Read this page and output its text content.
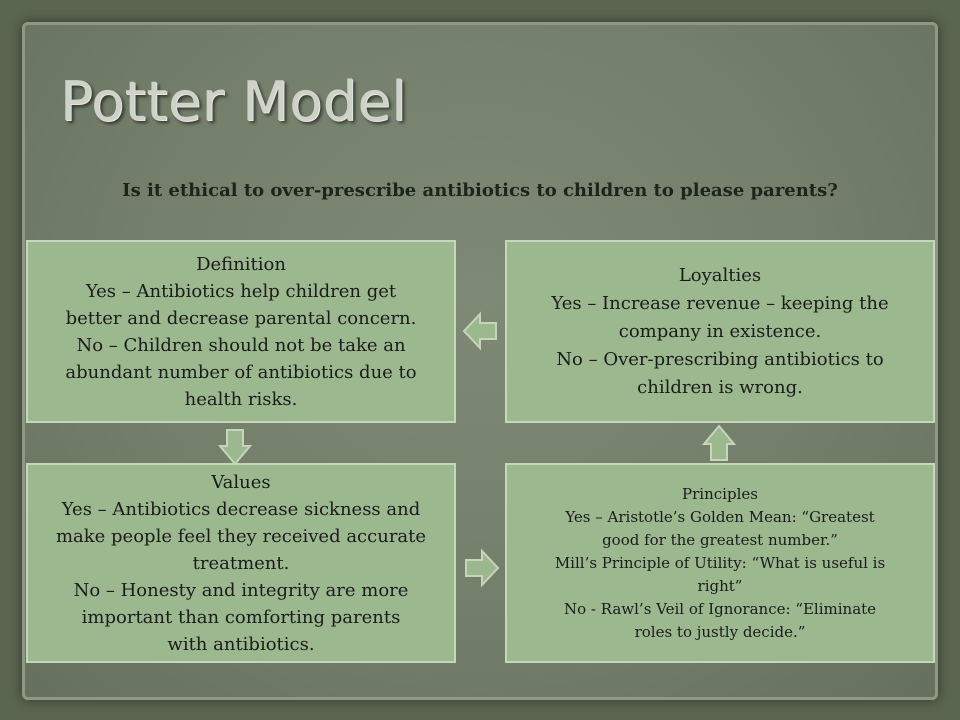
Potter Model
Is it ethical to over-prescribe antibiotics to children to please parents?
Definition
Yes – Antibiotics help children get
better and decrease parental concern.
No – Children should not be take an
abundant number of antibiotics due to
health risks.
Loyalties
Yes – Increase revenue – keeping the
company in existence.
No – Over-prescribing antibiotics to
children is wrong.
Values
Yes – Antibiotics decrease sickness and
make people feel they received accurate
treatment.
No – Honesty and integrity are more
important than comforting parents
with antibiotics.
Principles
Yes – Aristotle’s Golden Mean: “Greatest
good for the greatest number.”
Mill’s Principle of Utility: “What is useful is
right”
No - Rawl’s Veil of Ignorance: “Eliminate
roles to justly decide.”
